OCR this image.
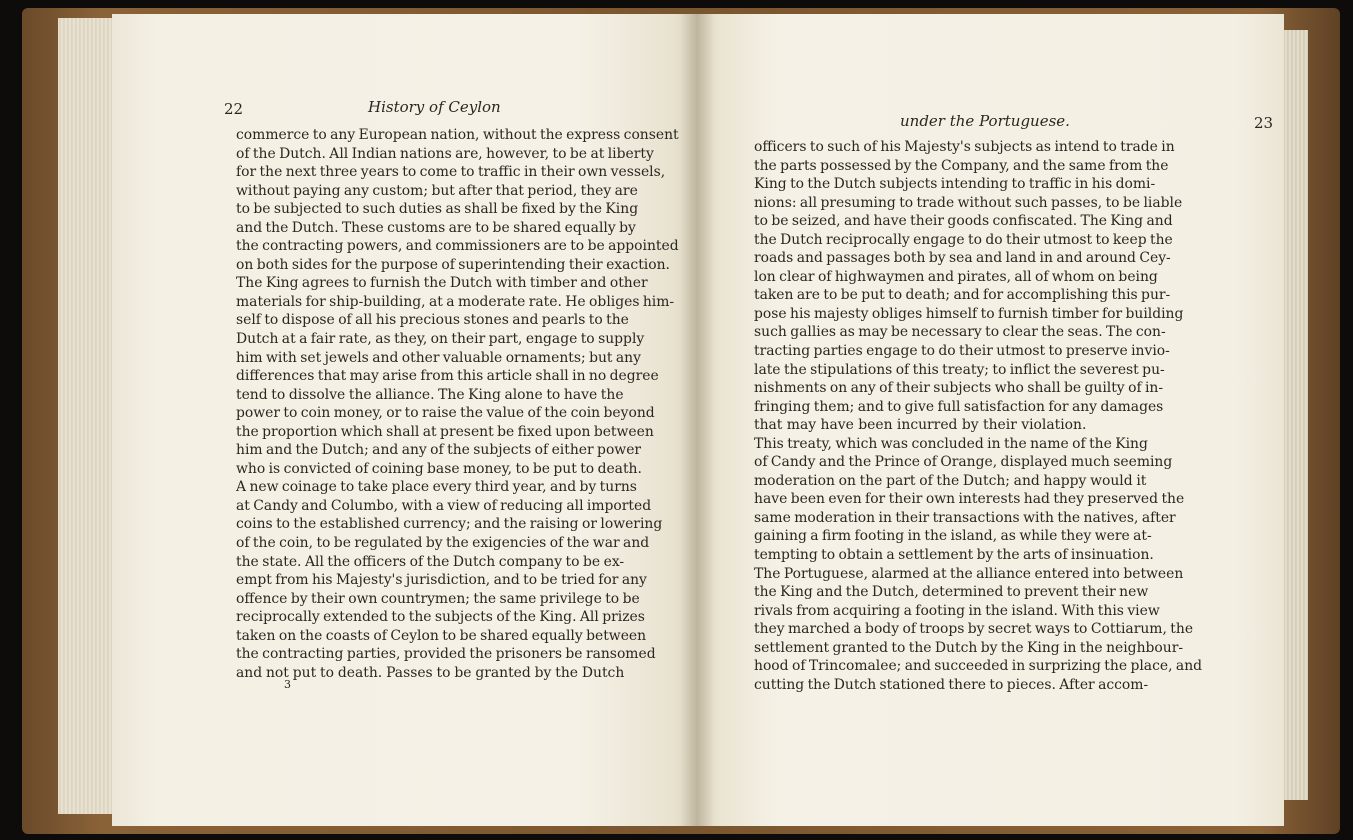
22	History of Ceylon
commerce to any European nation, without the express consent
of the Dutch. All Indian nations are, however, to be at liberty
for the next three years to come to traffic in their own vessels,
without paying any custom; but after that period, they are
to be subjected to such duties as shall be fixed by the King
and the Dutch. These customs are to be shared equally by
the contracting powers, and commissioners are to be appointed
on both sides for the purpose of superintending their exaction.
The King agrees to furnish the Dutch with timber and other
materials for ship-building, at a moderate rate. He obliges him-
self to dispose of all his precious stones and pearls to the
Dutch at a fair rate, as they, on their part, engage to supply
him with set jewels and other valuable ornaments; but any
differences that may arise from this article shall in no degree
tend to dissolve the alliance. The King alone to have the
power to coin money, or to raise the value of the coin beyond
the proportion which shall at present be fixed upon between
him and the Dutch; and any of the subjects of either power
who is convicted of coining base money, to be put to death.
A new coinage to take place every third year, and by turns
at Candy and Columbo, with a view of reducing all imported
coins to the established currency; and the raising or lowering
of the coin, to be regulated by the exigencies of the war and
the state. All the officers of the Dutch company to be ex-
empt from his Majesty's jurisdiction, and to be tried for any
offence by their own countrymen; the same privilege to be
reciprocally extended to the subjects of the King. All prizes
taken on the coasts of Ceylon to be shared equally between
the contracting parties, provided the prisoners be ransomed
and not put to death. Passes to be granted by the Dutch
3
under the Portuguese.	23
officers to such of his Majesty's subjects as intend to trade in
the parts possessed by the Company, and the same from the
King to the Dutch subjects intending to traffic in his domi-
nions: all presuming to trade without such passes, to be liable
to be seized, and have their goods confiscated. The King and
the Dutch reciprocally engage to do their utmost to keep the
roads and passages both by sea and land in and around Cey-
lon clear of highwaymen and pirates, all of whom on being
taken are to be put to death; and for accomplishing this pur-
pose his majesty obliges himself to furnish timber for building
such gallies as may be necessary to clear the seas. The con-
tracting parties engage to do their utmost to preserve invio-
late the stipulations of this treaty; to inflict the severest pu-
nishments on any of their subjects who shall be guilty of in-
fringing them; and to give full satisfaction for any damages
that may have been incurred by their violation.
This treaty, which was concluded in the name of the King
of Candy and the Prince of Orange, displayed much seeming
moderation on the part of the Dutch; and happy would it
have been even for their own interests had they preserved the
same moderation in their transactions with the natives, after
gaining a firm footing in the island, as while they were at-
tempting to obtain a settlement by the arts of insinuation.
The Portuguese, alarmed at the alliance entered into between
the King and the Dutch, determined to prevent their new
rivals from acquiring a footing in the island. With this view
they marched a body of troops by secret ways to Cottiarum, the
settlement granted to the Dutch by the King in the neighbour-
hood of Trincomalee; and succeeded in surprizing the place, and
cutting the Dutch stationed there to pieces. After accom-
